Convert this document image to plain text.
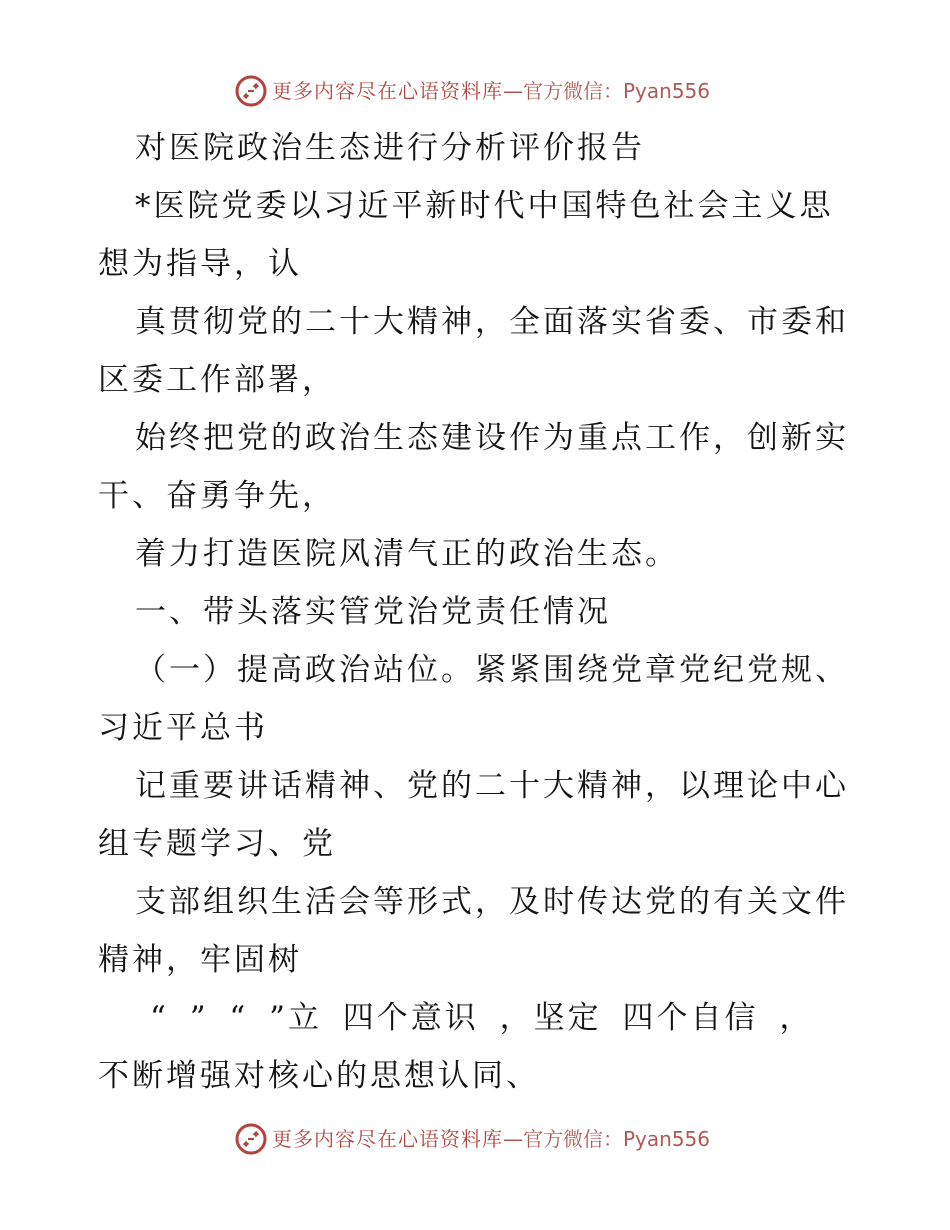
更多内容尽在心语资料库—官方微信：Pyan556
对医院政治生态进行分析评价报告
*医院党委以习近平新时代中国特色社会主义思
想为指导，认
真贯彻党的二十大精神，全面落实省委、市委和
区委工作部署，
始终把党的政治生态建设作为重点工作，创新实
干、奋勇争先，
着力打造医院风清气正的政治生态。
一、带头落实管党治党责任情况
（一）提高政治站位。紧紧围绕党章党纪党规、
习近平总书
记重要讲话精神、党的二十大精神，以理论中心
组专题学习、党
支部组织生活会等形式，及时传达党的有关文件
精神，牢固树
“ ” “ ”立 四个意识 ，坚定 四个自信 ，
不断增强对核心的思想认同、
更多内容尽在心语资料库—官方微信：Pyan556
